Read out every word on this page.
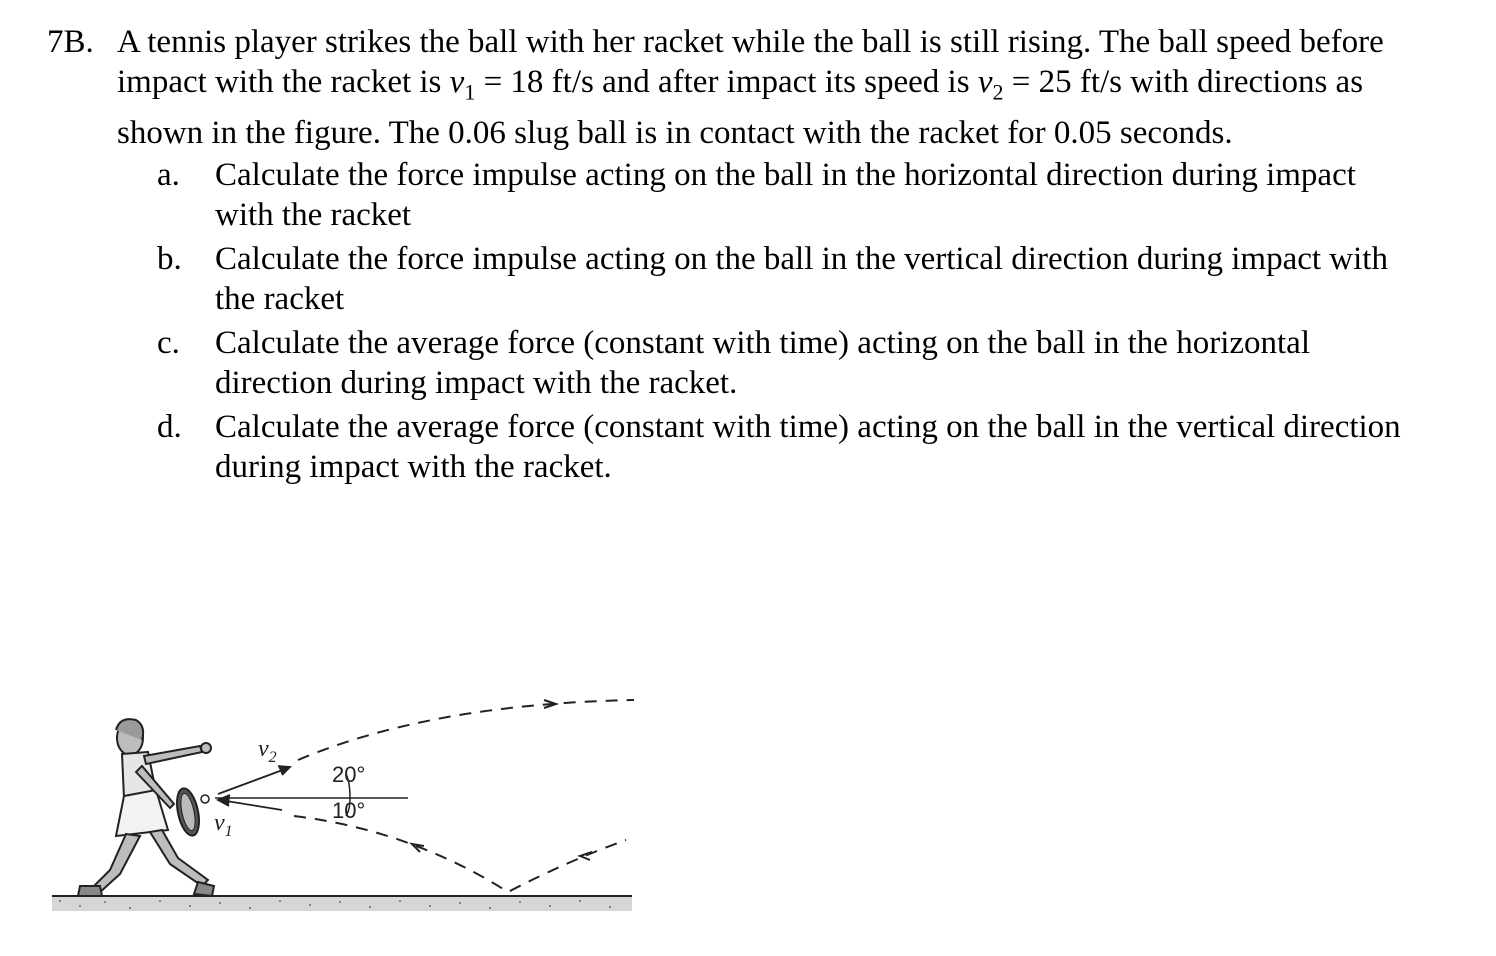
7B. A tennis player strikes the ball with her racket while the ball is still rising. The ball speed before impact with the racket is $v_1 = 18$ ft/s and after impact its speed is $v_2 = 25$ ft/s with directions as shown in the figure. The 0.06 slug ball is in contact with the racket for 0.05 seconds.
a. Calculate the force impulse acting on the ball in the horizontal direction during impact with the racket
b. Calculate the force impulse acting on the ball in the vertical direction during impact with the racket
c. Calculate the average force (constant with time) acting on the ball in the horizontal direction during impact with the racket.
d. Calculate the average force (constant with time) acting on the ball in the vertical direction during impact with the racket.
$v_2$
$v_1$
20°
10°
